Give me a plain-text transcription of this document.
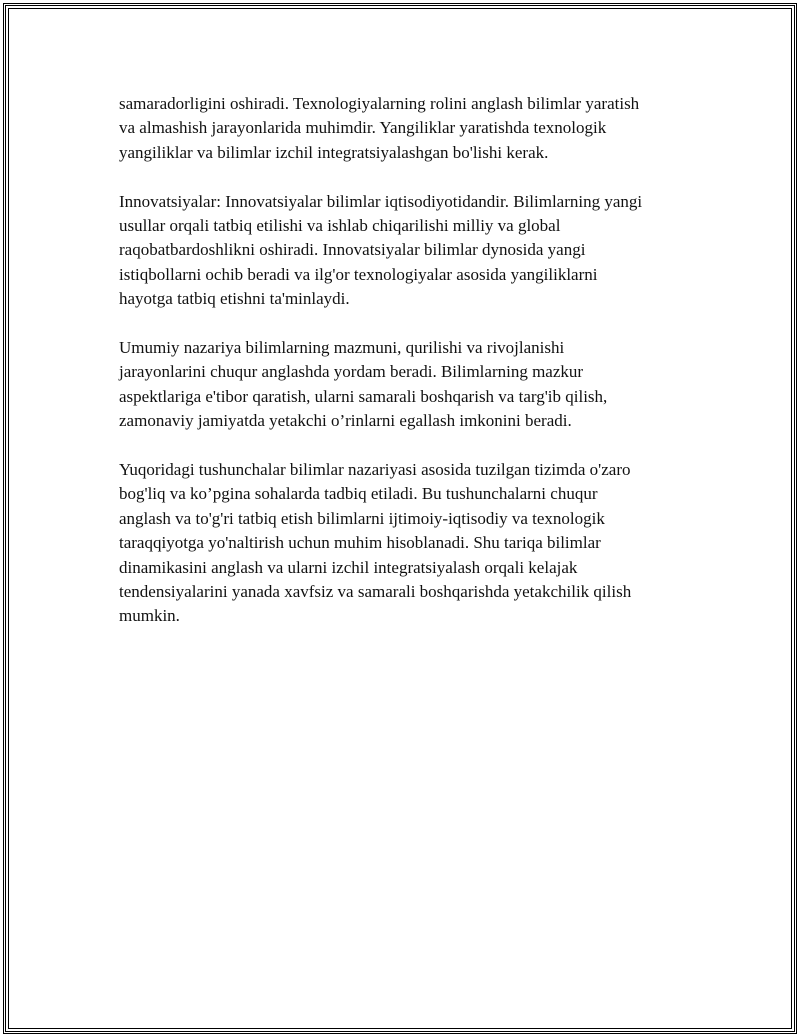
samaradorligini oshiradi. Texnologiyalarning rolini anglash bilimlar yaratish
va almashish jarayonlarida muhimdir. Yangiliklar yaratishda texnologik
yangiliklar va bilimlar izchil integratsiyalashgan bo'lishi kerak.

Innovatsiyalar: Innovatsiyalar bilimlar iqtisodiyotidandir. Bilimlarning yangi
usullar orqali tatbiq etilishi va ishlab chiqarilishi milliy va global
raqobatbardoshlikni oshiradi. Innovatsiyalar bilimlar dynosida yangi
istiqbollarni ochib beradi va ilg'or texnologiyalar asosida yangiliklarni
hayotga tatbiq etishni ta'minlaydi.

Umumiy nazariya bilimlarning mazmuni, qurilishi va rivojlanishi
jarayonlarini chuqur anglashda yordam beradi. Bilimlarning mazkur
aspektlariga e'tibor qaratish, ularni samarali boshqarish va targ'ib qilish,
zamonaviy jamiyatda yetakchi o’rinlarni egallash imkonini beradi.

Yuqoridagi tushunchalar bilimlar nazariyasi asosida tuzilgan tizimda o'zaro
bog'liq va ko’pgina sohalarda tadbiq etiladi. Bu tushunchalarni chuqur
anglash va to'g'ri tatbiq etish bilimlarni ijtimoiy-iqtisodiy va texnologik
taraqqiyotga yo'naltirish uchun muhim hisoblanadi. Shu tariqa bilimlar
dinamikasini anglash va ularni izchil integratsiyalash orqali kelajak
tendensiyalarini yanada xavfsiz va samarali boshqarishda yetakchilik qilish
mumkin.
